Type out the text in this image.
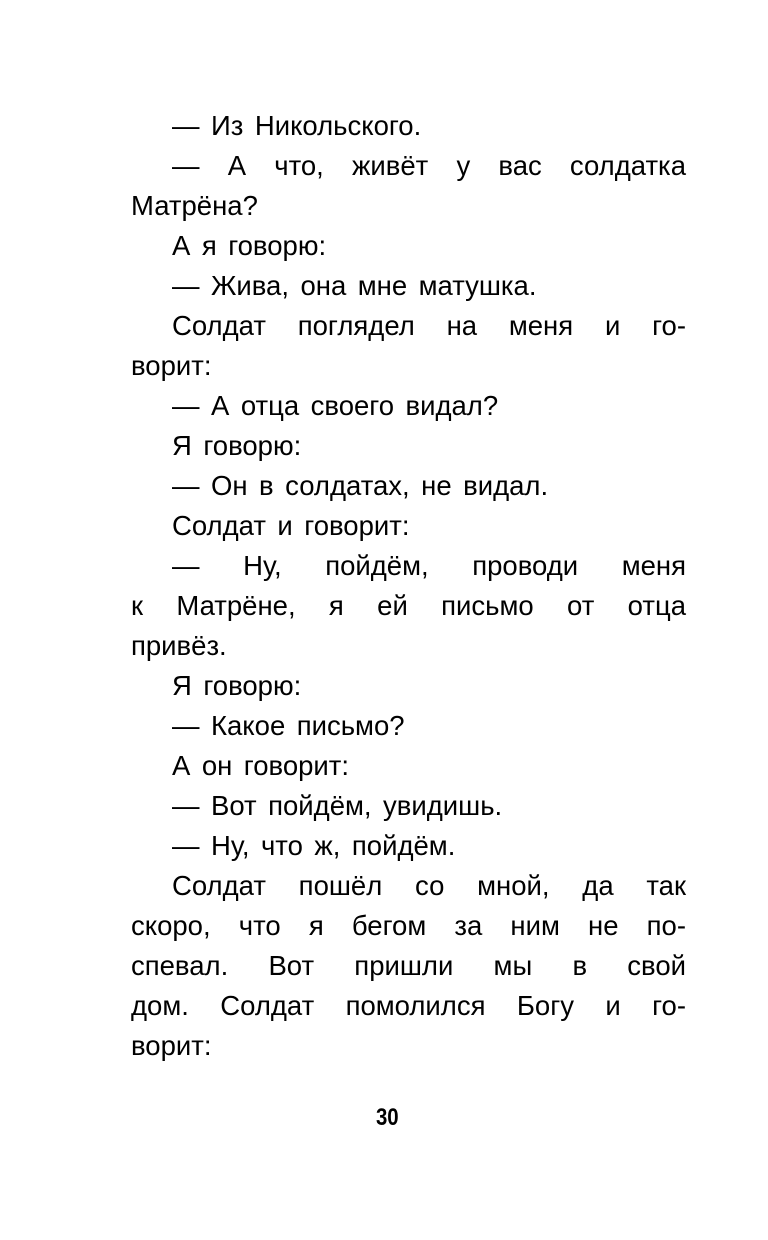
— Из Никольского.
— А что, живёт у вас солдатка
Матрёна?
А я говорю:
— Жива, она мне матушка.
Солдат поглядел на меня и го-
ворит:
— А отца своего видал?
Я говорю:
— Он в солдатах, не видал.
Солдат и говорит:
— Ну, пойдём, проводи меня
к Матрёне, я ей письмо от отца
привёз.
Я говорю:
— Какое письмо?
А он говорит:
— Вот пойдём, увидишь.
— Ну, что ж, пойдём.
Солдат пошёл со мной, да так
скоро, что я бегом за ним не по-
спевал. Вот пришли мы в свой
дом. Солдат помолился Богу и го-
ворит:
30
